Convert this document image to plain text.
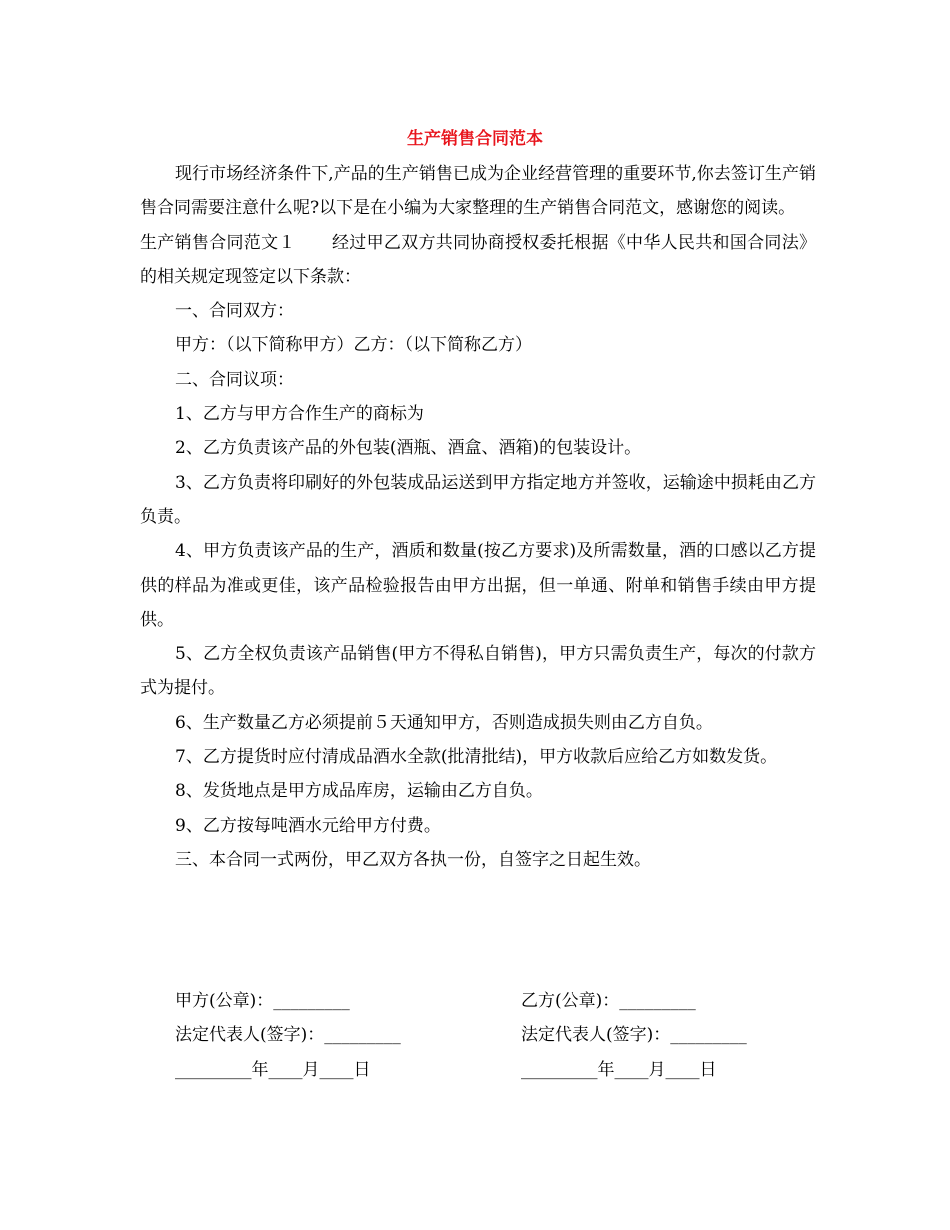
生产销售合同范本

现行市场经济条件下,产品的生产销售已成为企业经营管理的重要环节,你去签订生产销售合同需要注意什么呢?以下是在小编为大家整理的生产销售合同范文，感谢您的阅读。

生产销售合同范文１ 经过甲乙双方共同协商授权委托根据《中华人民共和国合同法》的相关规定现签定以下条款：

一、合同双方：

甲方：（以下简称甲方）乙方：（以下简称乙方）

二、合同议项：

1、乙方与甲方合作生产的商标为

2、乙方负责该产品的外包装(酒瓶、酒盒、酒箱)的包装设计。

3、乙方负责将印刷好的外包装成品运送到甲方指定地方并签收，运输途中损耗由乙方负责。

4、甲方负责该产品的生产，酒质和数量(按乙方要求)及所需数量，酒的口感以乙方提供的样品为准或更佳，该产品检验报告由甲方出据，但一单通、附单和销售手续由甲方提供。

5、乙方全权负责该产品销售(甲方不得私自销售)，甲方只需负责生产，每次的付款方式为提付。

6、生产数量乙方必须提前５天通知甲方，否则造成损失则由乙方自负。

7、乙方提货时应付清成品酒水全款(批清批结)，甲方收款后应给乙方如数发货。

8、发货地点是甲方成品库房，运输由乙方自负。

9、乙方按每吨酒水元给甲方付费。

三、本合同一式两份，甲乙双方各执一份，自签字之日起生效。

甲方(公章)：_________	乙方(公章)：_________
法定代表人(签字)：_________	法定代表人(签字)：_________
_________年____月____日	_________年____月____日
